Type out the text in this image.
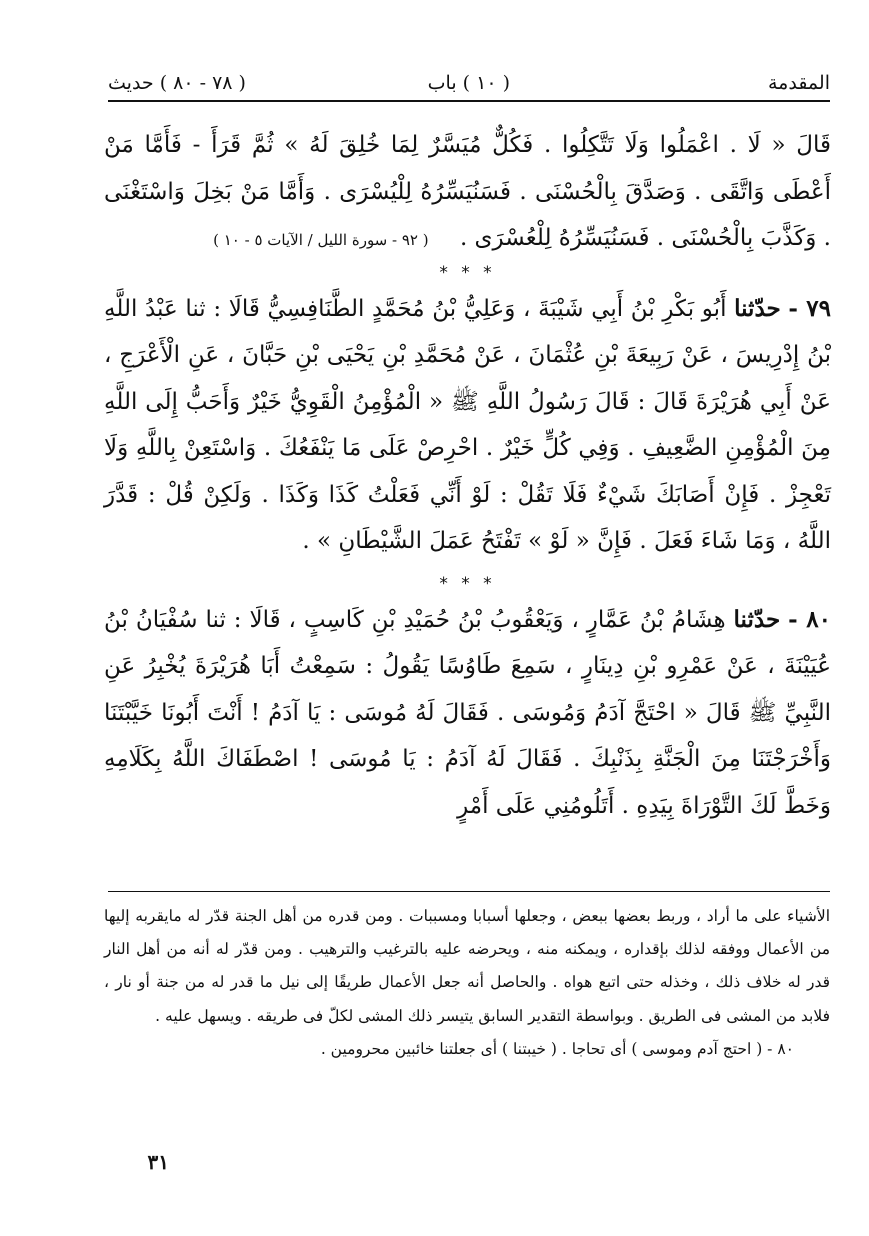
المقدمة
( ١٠ ) باب
( ٧٨ - ٨٠ ) حديث

قَالَ « لَا . اعْمَلُوا وَلَا تَتَّكِلُوا . فَكُلٌّ مُيَسَّرٌ لِمَا خُلِقَ لَهُ » ثُمَّ قَرَأَ - فَأَمَّا مَنْ أَعْطَى وَاتَّقَى . وَصَدَّقَ بِالْحُسْنَى . فَسَنُيَسِّرُهُ لِلْيُسْرَى . وَأَمَّا مَنْ بَخِلَ وَاسْتَغْنَى . وَكَذَّبَ بِالْحُسْنَى . فَسَنُيَسِّرُهُ لِلْعُسْرَى . ( ٩٢ - سورة الليل / الآيات ٥ - ١٠ )

* * *

٧٩ - حدّثنا أَبُو بَكْرِ بْنُ أَبِي شَيْبَةَ ، وَعَلِيُّ بْنُ مُحَمَّدٍ الطَّنَافِسِيُّ قَالَا : ثنا عَبْدُ اللَّهِ بْنُ إِدْرِيسَ ، عَنْ رَبِيعَةَ بْنِ عُثْمَانَ ، عَنْ مُحَمَّدِ بْنِ يَحْيَى بْنِ حَبَّانَ ، عَنِ الْأَعْرَجِ ، عَنْ أَبِي هُرَيْرَةَ قَالَ : قَالَ رَسُولُ اللَّهِ ﷺ « الْمُؤْمِنُ الْقَوِيُّ خَيْرٌ وَأَحَبُّ إِلَى اللَّهِ مِنَ الْمُؤْمِنِ الضَّعِيفِ . وَفِي كُلٍّ خَيْرٌ . احْرِصْ عَلَى مَا يَنْفَعُكَ . وَاسْتَعِنْ بِاللَّهِ وَلَا تَعْجِزْ . فَإِنْ أَصَابَكَ شَيْءٌ فَلَا تَقُلْ : لَوْ أَنِّي فَعَلْتُ كَذَا وَكَذَا . وَلَكِنْ قُلْ : قَدَّرَ اللَّهُ ، وَمَا شَاءَ فَعَلَ . فَإِنَّ « لَوْ » تَفْتَحُ عَمَلَ الشَّيْطَانِ » .

* * *

٨٠ - حدّثنا هِشَامُ بْنُ عَمَّارٍ ، وَيَعْقُوبُ بْنُ حُمَيْدِ بْنِ كَاسِبٍ ، قَالَا : ثنا سُفْيَانُ بْنُ عُيَيْنَةَ ، عَنْ عَمْرِو بْنِ دِينَارٍ ، سَمِعَ طَاوُسًا يَقُولُ : سَمِعْتُ أَبَا هُرَيْرَةَ يُخْبِرُ عَنِ النَّبِيِّ ﷺ قَالَ « احْتَجَّ آدَمُ وَمُوسَى . فَقَالَ لَهُ مُوسَى : يَا آدَمُ ! أَنْتَ أَبُونَا خَيَّبْتَنَا وَأَخْرَجْتَنَا مِنَ الْجَنَّةِ بِذَنْبِكَ . فَقَالَ لَهُ آدَمُ : يَا مُوسَى ! اصْطَفَاكَ اللَّهُ بِكَلَامِهِ وَخَطَّ لَكَ التَّوْرَاةَ بِيَدِهِ . أَتَلُومُنِي عَلَى أَمْرٍ

الأشياء على ما أراد ، وربط بعضها ببعض ، وجعلها أسبابا ومسببات . ومن قدره من أهل الجنة قدّر له مايقربه إليها من الأعمال ووفقه لذلك بإقداره ، ويمكنه منه ، ويحرضه عليه بالترغيب والترهيب . ومن قدّر له أنه من أهل النار قدر له خلاف ذلك ، وخذله حتى اتبع هواه . والحاصل أنه جعل الأعمال طريقًا إلى نيل ما قدر له من جنة أو نار ، فلابد من المشى فى الطريق . وبواسطة التقدير السابق يتيسر ذلك المشى لكلّ فى طريقه . ويسهل عليه .

٨٠ - ( احتج آدم وموسى ) أى تحاجا . ( خيبتنا ) أى جعلتنا خائبين محرومين .

٣١
